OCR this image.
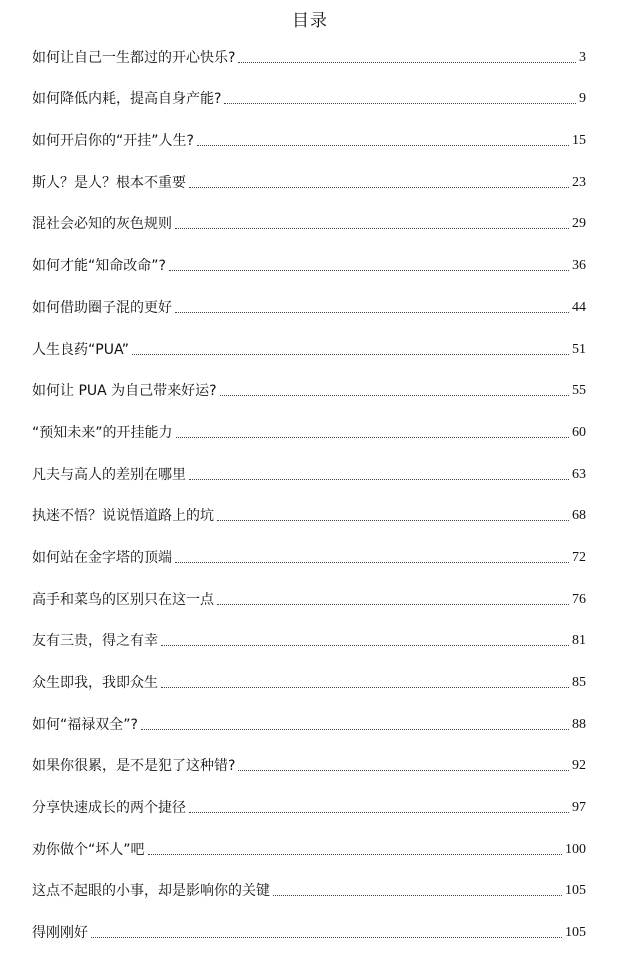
目录
如何让自己一生都过的开心快乐?	3
如何降低内耗，提高自身产能?	9
如何开启你的“开挂”人生?	15
斯人？是人？根本不重要	23
混社会必知的灰色规则	29
如何才能“知命改命”?	36
如何借助圈子混的更好	44
人生良药“PUA”	51
如何让 PUA 为自己带来好运?	55
“预知未来”的开挂能力	60
凡夫与高人的差别在哪里	63
执迷不悟？说说悟道路上的坑	68
如何站在金字塔的顶端	72
高手和菜鸟的区别只在这一点	76
友有三贵，得之有幸	81
众生即我，我即众生	85
如何“福禄双全”?	88
如果你很累，是不是犯了这种错?	92
分享快速成长的两个捷径	97
劝你做个“坏人”吧	100
这点不起眼的小事，却是影响你的关键	105
得刚刚好	105
